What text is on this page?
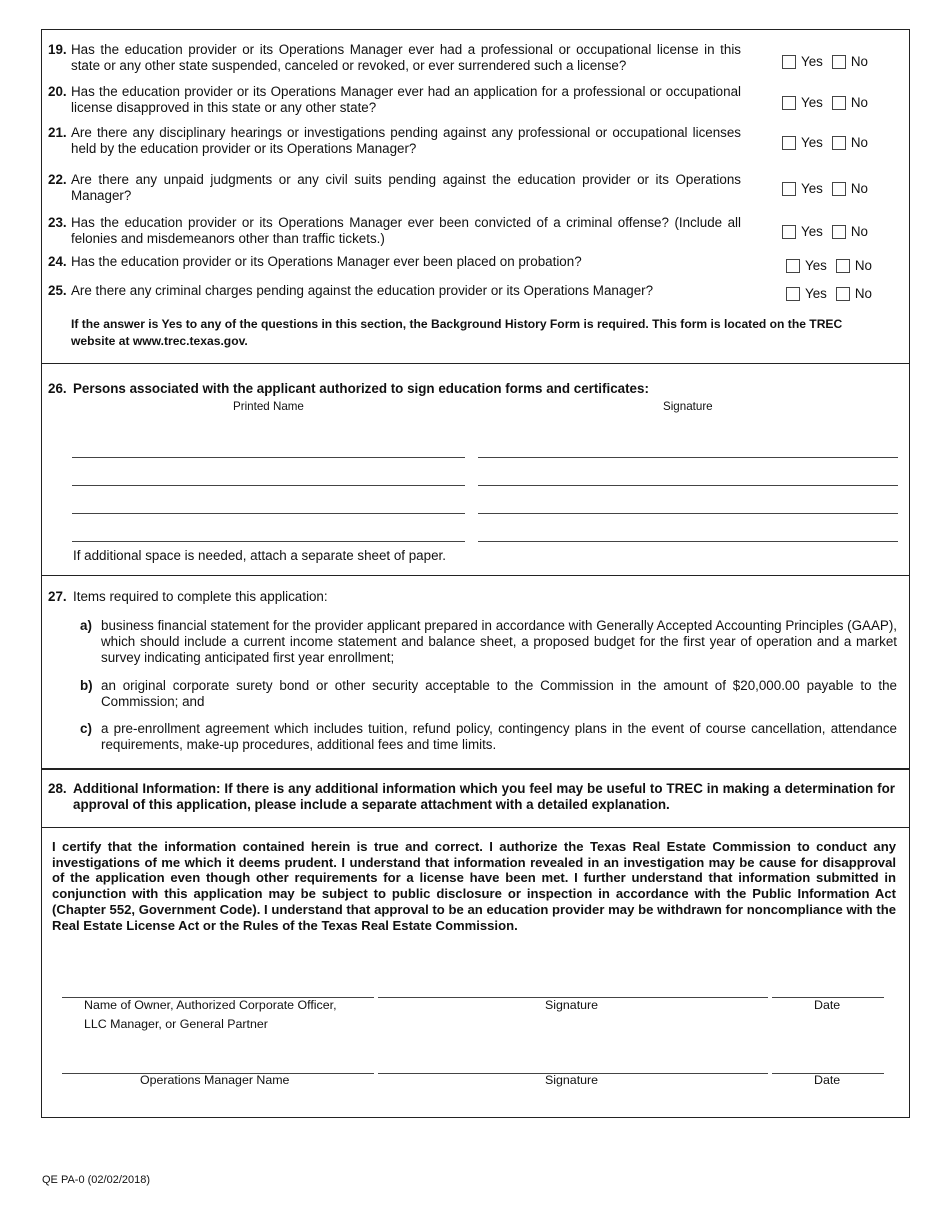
19. Has the education provider or its Operations Manager ever had a professional or occupational license in this state or any other state suspended, canceled or revoked, or ever surrendered such a license?	Yes No
20. Has the education provider or its Operations Manager ever had an application for a professional or occupational license disapproved in this state or any other state?	Yes No
21. Are there any disciplinary hearings or investigations pending against any professional or occupational licenses held by the education provider or its Operations Manager?	Yes No
22. Are there any unpaid judgments or any civil suits pending against the education provider or its Operations Manager?	Yes No
23. Has the education provider or its Operations Manager ever been convicted of a criminal offense? (Include all felonies and misdemeanors other than traffic tickets.)	Yes No
24. Has the education provider or its Operations Manager ever been placed on probation?	Yes No
25. Are there any criminal charges pending against the education provider or its Operations Manager?	Yes No
If the answer is Yes to any of the questions in this section, the Background History Form is required. This form is located on the TREC website at www.trec.texas.gov.
26. Persons associated with the applicant authorized to sign education forms and certificates:
Printed Name	Signature
If additional space is needed, attach a separate sheet of paper.
27. Items required to complete this application:
a) business financial statement for the provider applicant prepared in accordance with Generally Accepted Accounting Principles (GAAP), which should include a current income statement and balance sheet, a proposed budget for the first year of operation and a market survey indicating anticipated first year enrollment;
b) an original corporate surety bond or other security acceptable to the Commission in the amount of $20,000.00 payable to the Commission; and
c) a pre-enrollment agreement which includes tuition, refund policy, contingency plans in the event of course cancellation, attendance requirements, make-up procedures, additional fees and time limits.
28. Additional Information: If there is any additional information which you feel may be useful to TREC in making a determination for approval of this application, please include a separate attachment with a detailed explanation.
I certify that the information contained herein is true and correct. I authorize the Texas Real Estate Commission to conduct any investigations of me which it deems prudent. I understand that information revealed in an investigation may be cause for disapproval of the application even though other requirements for a license have been met. I further understand that information submitted in conjunction with this application may be subject to public disclosure or inspection in accordance with the Public Information Act (Chapter 552, Government Code). I understand that approval to be an education provider may be withdrawn for noncompliance with the Real Estate License Act or the Rules of the Texas Real Estate Commission.
Name of Owner, Authorized Corporate Officer,
LLC Manager, or General Partner
Signature	Date
Operations Manager Name	Signature	Date
QE PA-0 (02/02/2018)
